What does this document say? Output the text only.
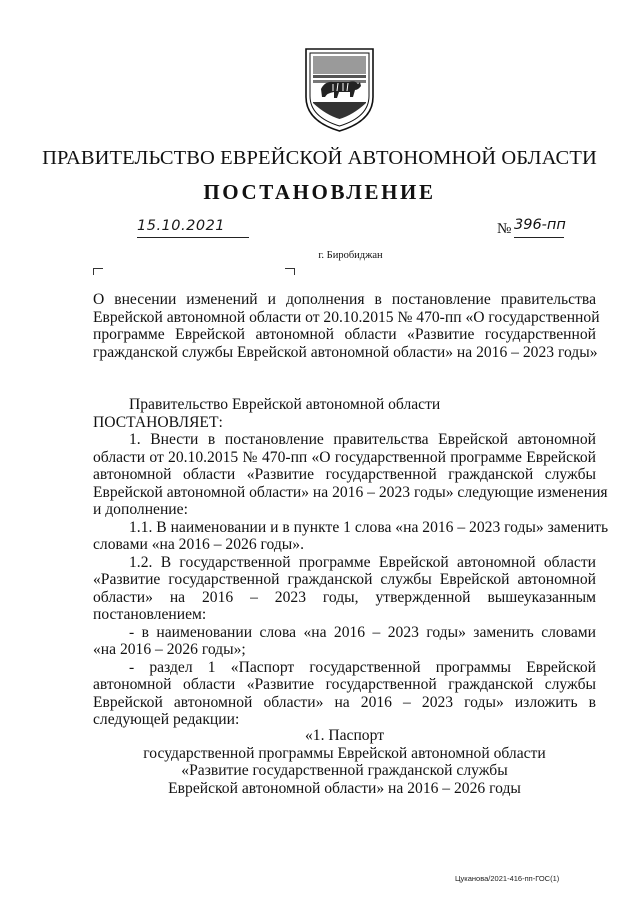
ПРАВИТЕЛЬСТВО ЕВРЕЙСКОЙ АВТОНОМНОЙ ОБЛАСТИ
ПОСТАНОВЛЕНИЕ
15.10.2021	№ 396-пп
г. Биробиджан

О внесении изменений и дополнения в постановление правительства

Еврейской автономной области от 20.10.2015 № 470-пп «О государственной

программе Еврейской автономной области «Развитие государственной

гражданской службы Еврейской автономной области» на 2016 – 2023 годы»

Правительство Еврейской автономной области

ПОСТАНОВЛЯЕТ:

1. Внести в постановление правительства Еврейской автономной

области от 20.10.2015 № 470-пп «О государственной программе Еврейской

автономной области «Развитие государственной гражданской службы

Еврейской автономной области» на 2016 – 2023 годы» следующие изменения

и дополнение:

1.1. В наименовании и в пункте 1 слова «на 2016 – 2023 годы» заменить

словами «на 2016 – 2026 годы».

1.2. В государственной программе Еврейской автономной области

«Развитие государственной гражданской службы Еврейской автономной

области» на 2016 – 2023 годы, утвержденной вышеуказанным

постановлением:

- в наименовании слова «на 2016 – 2023 годы» заменить словами

«на 2016 – 2026 годы»;

- раздел 1 «Паспорт государственной программы Еврейской

автономной области «Развитие государственной гражданской службы

Еврейской автономной области» на 2016 – 2023 годы» изложить в

следующей редакции:

«1. Паспорт

государственной программы Еврейской автономной области

«Развитие государственной гражданской службы

Еврейской автономной области» на 2016 – 2026 годы

Цуканова/2021-416-пп-ГОС(1)
